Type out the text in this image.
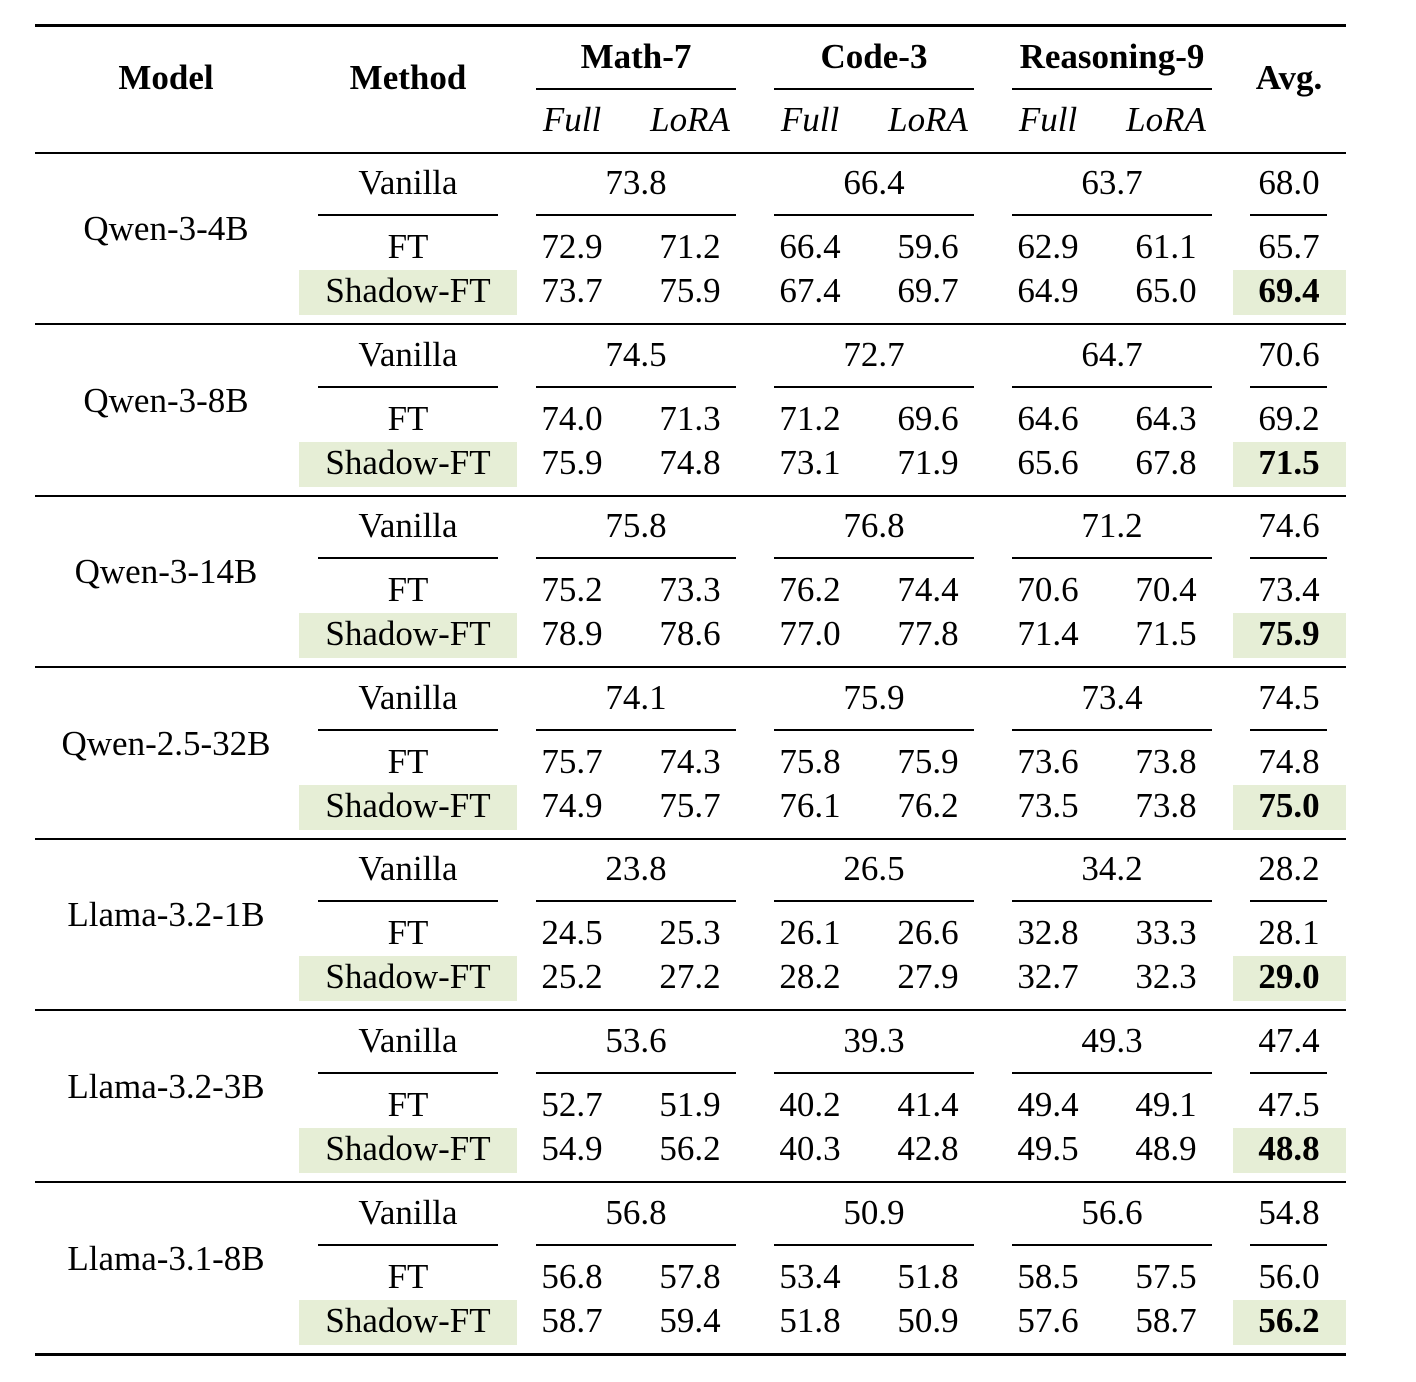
Model	Method
Math-7	Code-3	Reasoning-9
Avg.
Full LoRA Full LoRA Full LoRA
Qwen-3-4B
Vanilla	73.8	66.4	63.7	68.0
FT	72.9 71.2 66.4 59.6 62.9 61.1 65.7
Shadow-FT 73.7 75.9 67.4 69.7 64.9 65.0 69.4
Qwen-3-8B
Vanilla	74.5	72.7	64.7	70.6
FT	74.0 71.3 71.2 69.6 64.6 64.3 69.2
Shadow-FT 75.9 74.8 73.1 71.9 65.6 67.8 71.5
Qwen-3-14B
Vanilla	75.8	76.8	71.2	74.6
FT	75.2 73.3 76.2 74.4 70.6 70.4 73.4
Shadow-FT 78.9 78.6 77.0 77.8 71.4 71.5 75.9
Qwen-2.5-32B
Vanilla	74.1	75.9	73.4	74.5
FT	75.7 74.3 75.8 75.9 73.6 73.8 74.8
Shadow-FT 74.9 75.7 76.1 76.2 73.5 73.8 75.0
Llama-3.2-1B
Vanilla	23.8	26.5	34.2	28.2
FT	24.5 25.3 26.1 26.6 32.8 33.3 28.1
Shadow-FT 25.2 27.2 28.2 27.9 32.7 32.3 29.0
Llama-3.2-3B
Vanilla	53.6	39.3	49.3	47.4
FT	52.7 51.9 40.2 41.4 49.4 49.1 47.5
Shadow-FT 54.9 56.2 40.3 42.8 49.5 48.9 48.8
Llama-3.1-8B
Vanilla	56.8	50.9	56.6	54.8
FT	56.8 57.8 53.4 51.8 58.5 57.5 56.0
Shadow-FT 58.7 59.4 51.8 50.9 57.6 58.7 56.2
